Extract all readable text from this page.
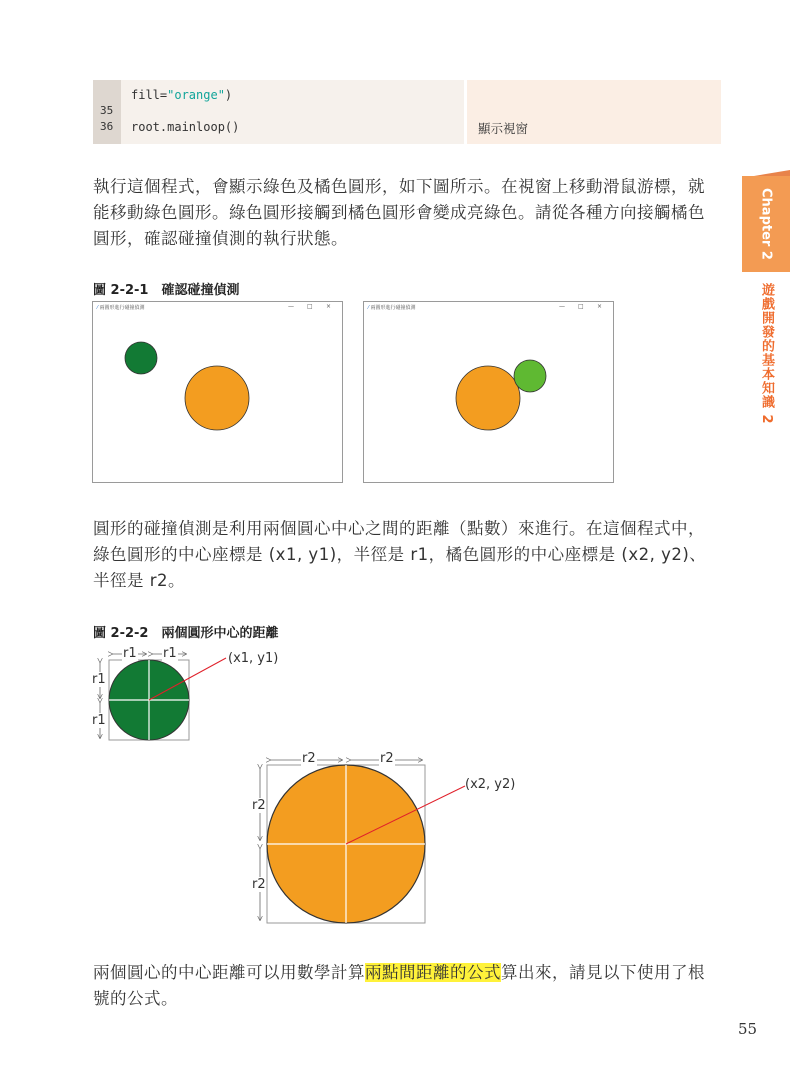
fill="orange")
35
36 root.mainloop()	顯示視窗
執行這個程式，會顯示綠色及橘色圓形，如下圖所示。在視窗上移動滑鼠游標，就能移動綠色圓形。綠色圓形接觸到橘色圓形會變成亮綠色。請從各種方向接觸橘色圓形，確認碰撞偵測的執行狀態。
圖 2-2-1　確認碰撞偵測
⁄ 兩圓形進行碰撞偵測	— □ ×	⁄ 兩圓形進行碰撞偵測	— □ ×
圓形的碰撞偵測是利用兩個圓心中心之間的距離（點數）來進行。在這個程式中，綠色圓形的中心座標是 (x1, y1)，半徑是 r1，橘色圓形的中心座標是 (x2, y2)、半徑是 r2。
圖 2-2-2　兩個圓形中心的距離
r1 r1
r1
r1
(x1, y1)
r2	r2
r2
r2
(x2, y2)
兩個圓心的中心距離可以用數學計算兩點間距離的公式算出來，請見以下使用了根號的公式。
Chapter 2
遊戲開發的基本知識 2
55
